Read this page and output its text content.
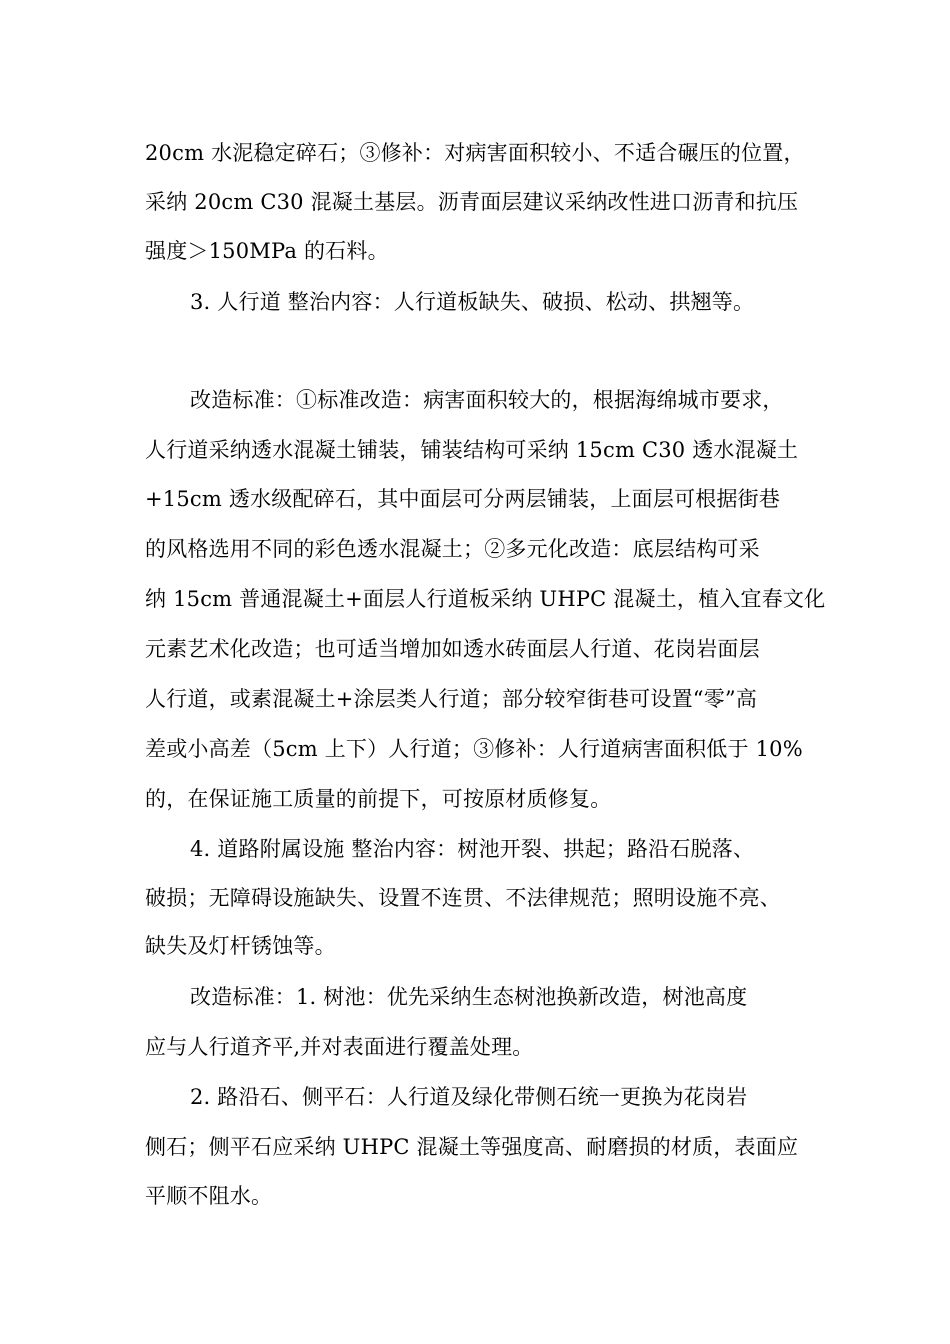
20cm 水泥稳定碎石；③修补：对病害面积较小、不适合碾压的位置，
采纳 20cm C30 混凝土基层。沥青面层建议采纳改性进口沥青和抗压
强度＞150MPa 的石料。
3. 人行道 整治内容：人行道板缺失、破损、松动、拱翘等。
改造标准：①标准改造：病害面积较大的，根据海绵城市要求，
人行道采纳透水混凝土铺装，铺装结构可采纳 15cm C30 透水混凝土
+15cm 透水级配碎石，其中面层可分两层铺装，上面层可根据街巷
的风格选用不同的彩色透水混凝土；②多元化改造：底层结构可采
纳 15cm 普通混凝土+面层人行道板采纳 UHPC 混凝土，植入宜春文化
元素艺术化改造；也可适当增加如透水砖面层人行道、花岗岩面层
人行道，或素混凝土+涂层类人行道；部分较窄街巷可设置“零”高
差或小高差（5cm 上下）人行道；③修补：人行道病害面积低于 10%
的，在保证施工质量的前提下，可按原材质修复。
4. 道路附属设施 整治内容：树池开裂、拱起；路沿石脱落、
破损；无障碍设施缺失、设置不连贯、不法律规范；照明设施不亮、
缺失及灯杆锈蚀等。
改造标准：1. 树池：优先采纳生态树池换新改造，树池高度
应与人行道齐平,并对表面进行覆盖处理。
2. 路沿石、侧平石：人行道及绿化带侧石统一更换为花岗岩
侧石；侧平石应采纳 UHPC 混凝土等强度高、耐磨损的材质，表面应
平顺不阻水。
